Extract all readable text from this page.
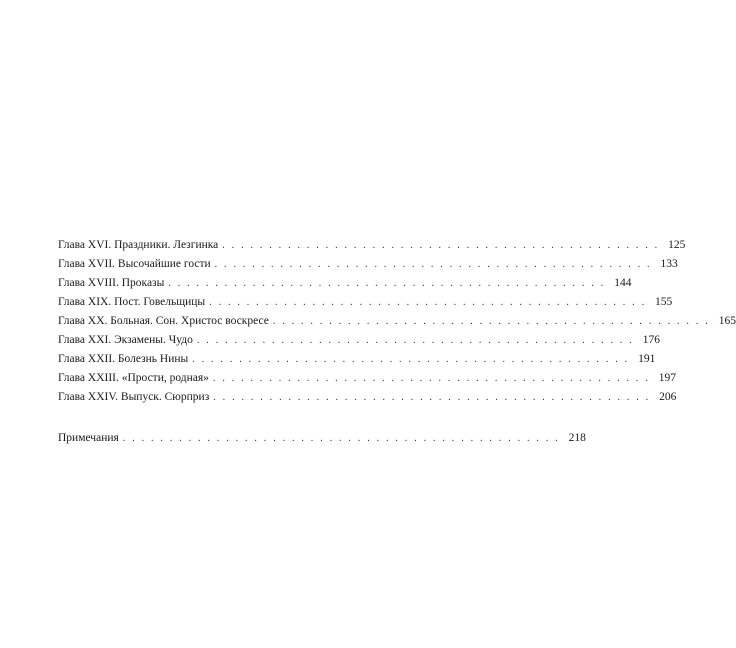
Глава XVI. Праздники. Лезгинка . . . . . . . . . . . . . . . . . . . . . . . . . . . . . . . . . . . . . . . . . . . . . . . 125
Глава XVII. Высочайшие гости . . . . . . . . . . . . . . . . . . . . . . . . . . . . . . . . . . . . . . . . . . . . . . . 133
Глава XVIII. Проказы . . . . . . . . . . . . . . . . . . . . . . . . . . . . . . . . . . . . . . . . . . . . . . . 144
Глава XIX. Пост. Говельщицы . . . . . . . . . . . . . . . . . . . . . . . . . . . . . . . . . . . . . . . . . . . . . . . 155
Глава XX. Больная. Сон. Христос воскресе . . . . . . . . . . . . . . . . . . . . . . . . . . . . . . . . . . . . . . . . . . . . . . . 165
Глава XXI. Экзамены. Чудо . . . . . . . . . . . . . . . . . . . . . . . . . . . . . . . . . . . . . . . . . . . . . . . 176
Глава XXII. Болезнь Нины . . . . . . . . . . . . . . . . . . . . . . . . . . . . . . . . . . . . . . . . . . . . . . . 191
Глава XXIII. «Прости, родная» . . . . . . . . . . . . . . . . . . . . . . . . . . . . . . . . . . . . . . . . . . . . . . . 197
Глава XXIV. Выпуск. Сюрприз . . . . . . . . . . . . . . . . . . . . . . . . . . . . . . . . . . . . . . . . . . . . . . . 206
Примечания . . . . . . . . . . . . . . . . . . . . . . . . . . . . . . . . . . . . . . . . . . . . . . . 218
